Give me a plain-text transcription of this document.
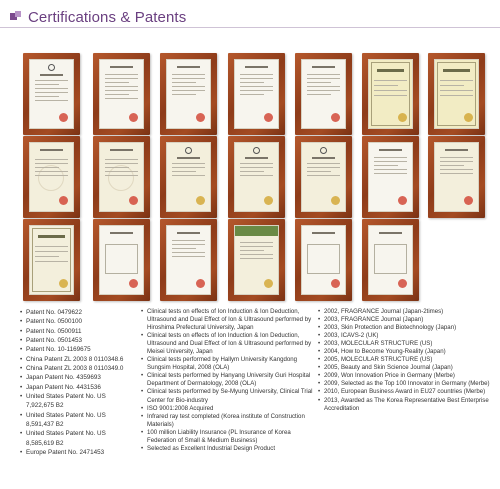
Certifications & Patents
• Patent No. 0479622
• Patent No. 0500100
• Patent No. 0500911
• Patent No. 0501453
• Patent No. 10-1169675
• China Patent ZL 2003 8 0110348.6
• China Patent ZL 2003 8 0110349.0
• Japan Patent No. 4359693
• Japan Patent No. 4431536
• United States Patent No. US 7,922,675 B2
• United States Patent No. US 8,591,437 B2
• United States Patent No. US 8,585,619 B2
• Europe Patent No. 2471453
• Clinical tests on effects of Ion Induction & Ion Deduction, Ultrasound and Dual Effect of Ion & Ultrasound performed by Hiroshima Prefectural University, Japan
• Clinical tests on effects of Ion Induction & Ion Deduction, Ultrasound and Dual Effect of Ion & Ultrasound performed by Meisei University, Japan
• Clinical tests performed by Hallym University Kangdong Sungsim Hospital, 2008 (OLA)
• Clinical tests performed by Hanyang University Guri Hospital Department of Dermatology, 2008 (OLA)
• Clinical tests performed by Se-Myung University, Clinical Trial Center for Bio-industry
• ISO 9001:2008 Acquired
• Infrared ray test completed (Korea institute of Construction Materials)
• 100 million Liability Insurance (PL Insurance of Korea Federation of Small & Medium Business)
• Selected as Excellent Industrial Design Product
• 2002, FRAGRANCE Journal (Japan-2times)
• 2003, FRAGRANCE Journal (Japan)
• 2003, Skin Protection and Biotechnology (Japan)
• 2003, ICAVS-2 (UK)
• 2003, MOLECULAR STRUCTURE (US)
• 2004, How to Become Young-Reality (Japan)
• 2005, MOLECULAR STRUCTURE (US)
• 2005, Beauty and Skin Science Journal (Japan)
• 2009, Won Innovation Price in Germany (Merbe)
• 2009, Selected as the Top 100 Innovator in Germany (Merbe)
• 2010, European Business Award in EU27 countries (Merbe)
• 2013, Awarded as The Korea Representative Best Enterprise Accreditation
